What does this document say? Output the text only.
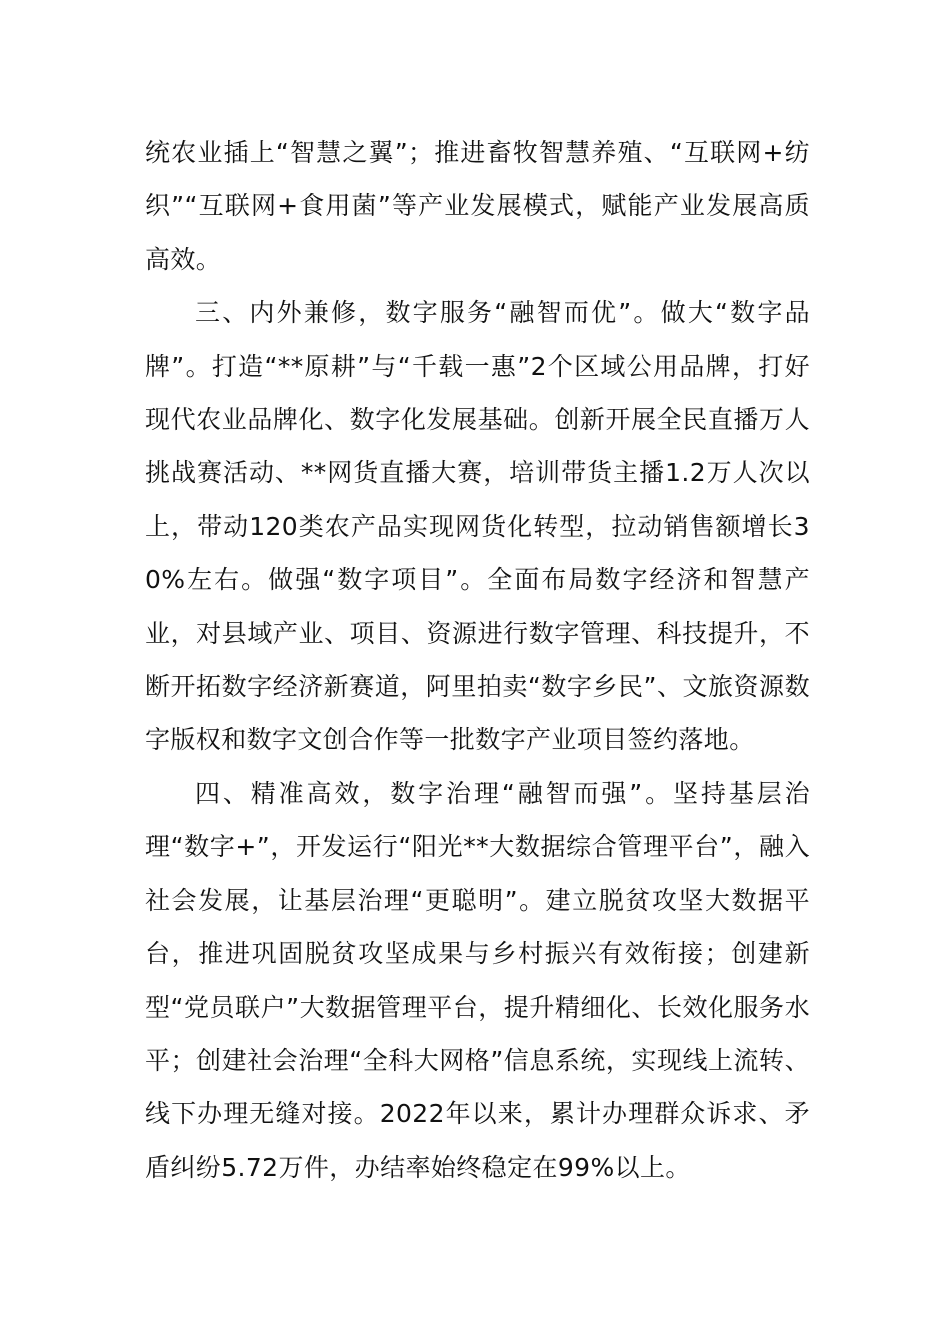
统农业插上“智慧之翼”；推进畜牧智慧养殖、“互联网+纺织”“互联网+食用菌”等产业发展模式，赋能产业发展高质高效。

三、内外兼修，数字服务“融智而优”。做大“数字品牌”。打造“**原耕”与“千载一惠”2个区域公用品牌，打好现代农业品牌化、数字化发展基础。创新开展全民直播万人挑战赛活动、**网货直播大赛，培训带货主播1.2万人次以上，带动120类农产品实现网货化转型，拉动销售额增长30%左右。做强“数字项目”。全面布局数字经济和智慧产业，对县域产业、项目、资源进行数字管理、科技提升，不断开拓数字经济新赛道，阿里拍卖“数字乡民”、文旅资源数字版权和数字文创合作等一批数字产业项目签约落地。

四、精准高效，数字治理“融智而强”。坚持基层治理“数字+”，开发运行“阳光**大数据综合管理平台”，融入社会发展，让基层治理“更聪明”。建立脱贫攻坚大数据平台，推进巩固脱贫攻坚成果与乡村振兴有效衔接；创建新型“党员联户”大数据管理平台，提升精细化、长效化服务水平；创建社会治理“全科大网格”信息系统，实现线上流转、线下办理无缝对接。2022年以来，累计办理群众诉求、矛盾纠纷5.72万件，办结率始终稳定在99%以上。
